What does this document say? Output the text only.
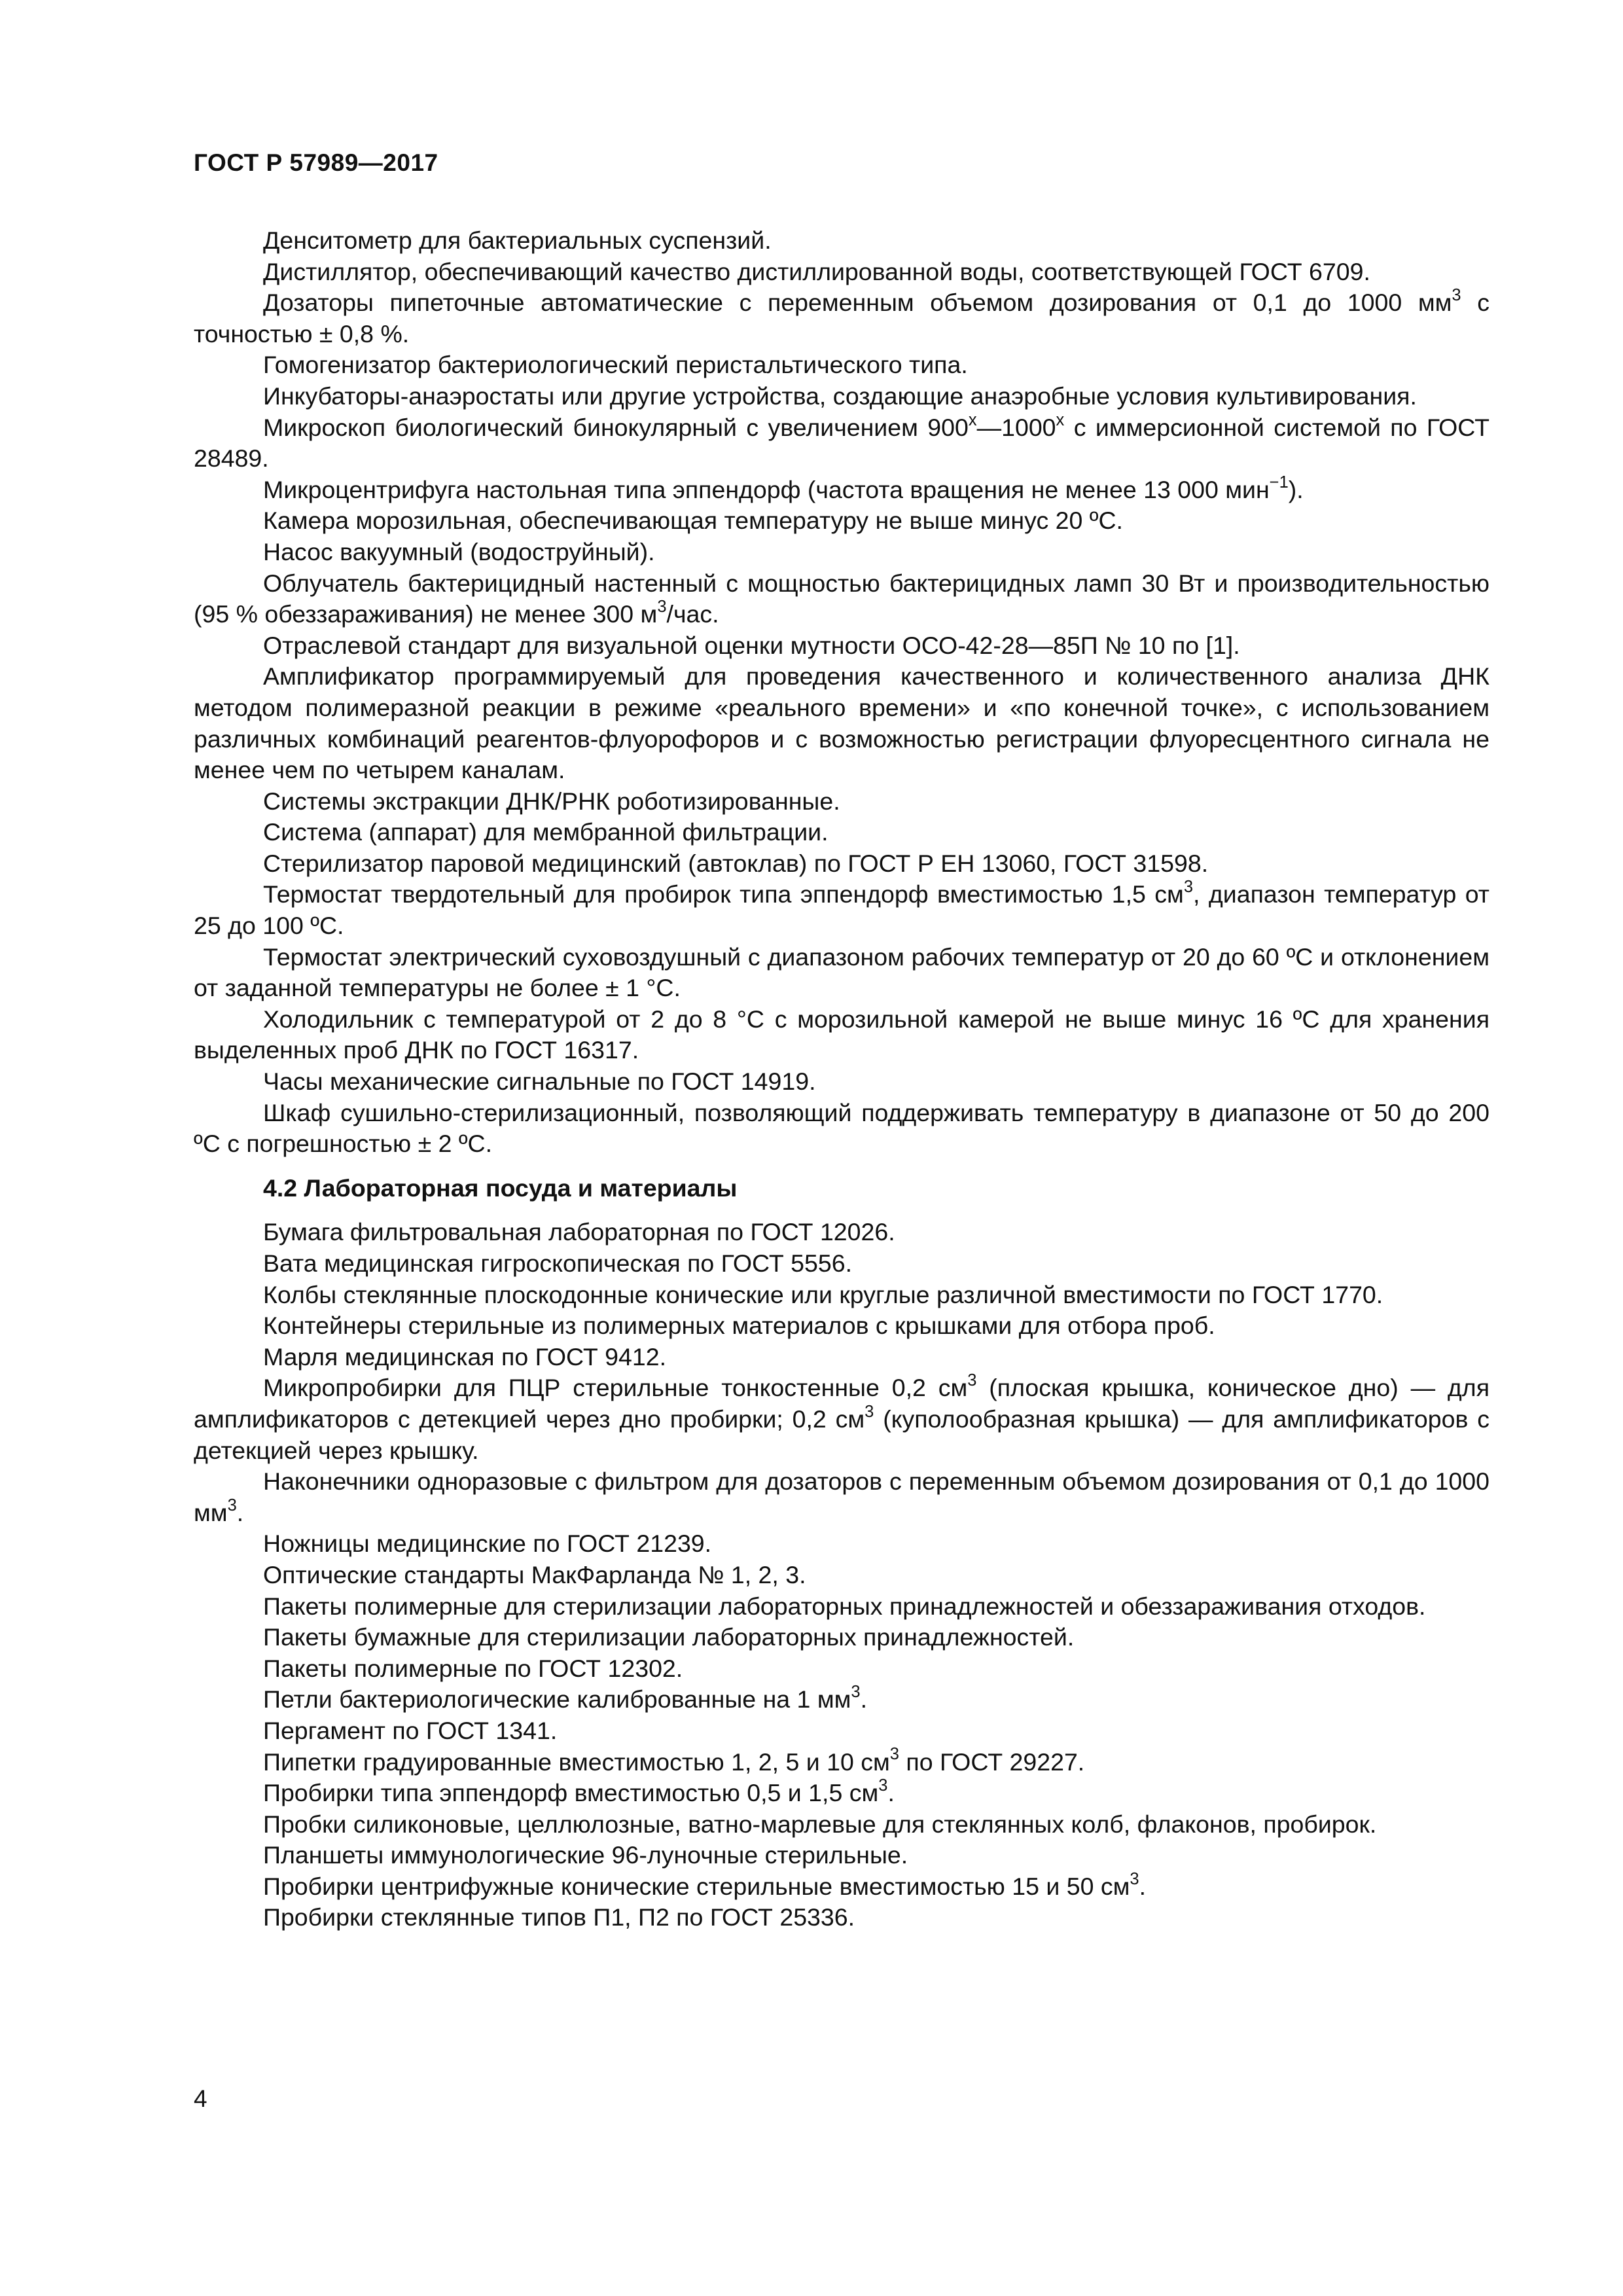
ГОСТ Р 57989—2017

Денситометр для бактериальных суспензий.

Дистиллятор, обеспечивающий качество дистиллированной воды, соответствующей ГОСТ 6709.

Дозаторы пипеточные автоматические с переменным объемом дозирования от 0,1 до 1000 $мм^3$ с точностью ± 0,8 %.

Гомогенизатор бактериологический перистальтического типа.

Инкубаторы-анаэростаты или другие устройства, создающие анаэробные условия культивирования.

Микроскоп биологический бинокулярный с увеличением $900^х—1000^х$ с иммерсионной системой по ГОСТ 28489.

Микроцентрифуга настольная типа эппендорф (частота вращения не менее 13 000 мин$^{-1}$).

Камера морозильная, обеспечивающая температуру не выше минус 20 ºС.

Насос вакуумный (водоструйный).

Облучатель бактерицидный настенный с мощностью бактерицидных ламп 30 Вт и производительностью (95 % обеззараживания) не менее 300 $м^3$/час.

Отраслевой стандарт для визуальной оценки мутности ОСО-42-28—85П № 10 по [1].

Амплификатор программируемый для проведения качественного и количественного анализа ДНК методом полимеразной реакции в режиме «реального времени» и «по конечной точке», с использованием различных комбинаций реагентов-флуорофоров и с возможностью регистрации флуоресцентного сигнала не менее чем по четырем каналам.

Системы экстракции ДНК/РНК роботизированные.

Система (аппарат) для мембранной фильтрации.

Стерилизатор паровой медицинский (автоклав) по ГОСТ Р ЕН 13060, ГОСТ 31598.

Термостат твердотельный для пробирок типа эппендорф вместимостью 1,5 $см^3$, диапазон температур от 25 до 100 ºС.

Термостат электрический суховоздушный с диапазоном рабочих температур от 20 до 60 ºС и отклонением от заданной температуры не более ± 1 °С.

Холодильник с температурой от 2 до 8 °С с морозильной камерой не выше минус 16 ºС для хранения выделенных проб ДНК по ГОСТ 16317.

Часы механические сигнальные по ГОСТ 14919.

Шкаф сушильно-стерилизационный, позволяющий поддерживать температуру в диапазоне от 50 до 200 ºС с погрешностью ± 2 ºС.

4.2 Лабораторная посуда и материалы

Бумага фильтровальная лабораторная по ГОСТ 12026.

Вата медицинская гигроскопическая по ГОСТ 5556.

Колбы стеклянные плоскодонные конические или круглые различной вместимости по ГОСТ 1770.

Контейнеры стерильные из полимерных материалов с крышками для отбора проб.

Марля медицинская по ГОСТ 9412.

Микропробирки для ПЦР стерильные тонкостенные 0,2 $см^3$ (плоская крышка, коническое дно) — для амплификаторов с детекцией через дно пробирки; 0,2 $см^3$ (куполообразная крышка) — для амплификаторов с детекцией через крышку.

Наконечники одноразовые с фильтром для дозаторов с переменным объемом дозирования от 0,1 до 1000 $мм^3$.

Ножницы медицинские по ГОСТ 21239.

Оптические стандарты МакФарланда № 1, 2, 3.

Пакеты полимерные для стерилизации лабораторных принадлежностей и обеззараживания отходов.

Пакеты бумажные для стерилизации лабораторных принадлежностей.

Пакеты полимерные по ГОСТ 12302.

Петли бактериологические калиброванные на 1 $мм^3$.

Пергамент по ГОСТ 1341.

Пипетки градуированные вместимостью 1, 2, 5 и 10 $см^3$ по ГОСТ 29227.

Пробирки типа эппендорф вместимостью 0,5 и 1,5 $см^3$.

Пробки силиконовые, целлюлозные, ватно-марлевые для стеклянных колб, флаконов, пробирок.

Планшеты иммунологические 96-луночные стерильные.

Пробирки центрифужные конические стерильные вместимостью 15 и 50 $см^3$.

Пробирки стеклянные типов П1, П2 по ГОСТ 25336.

4
